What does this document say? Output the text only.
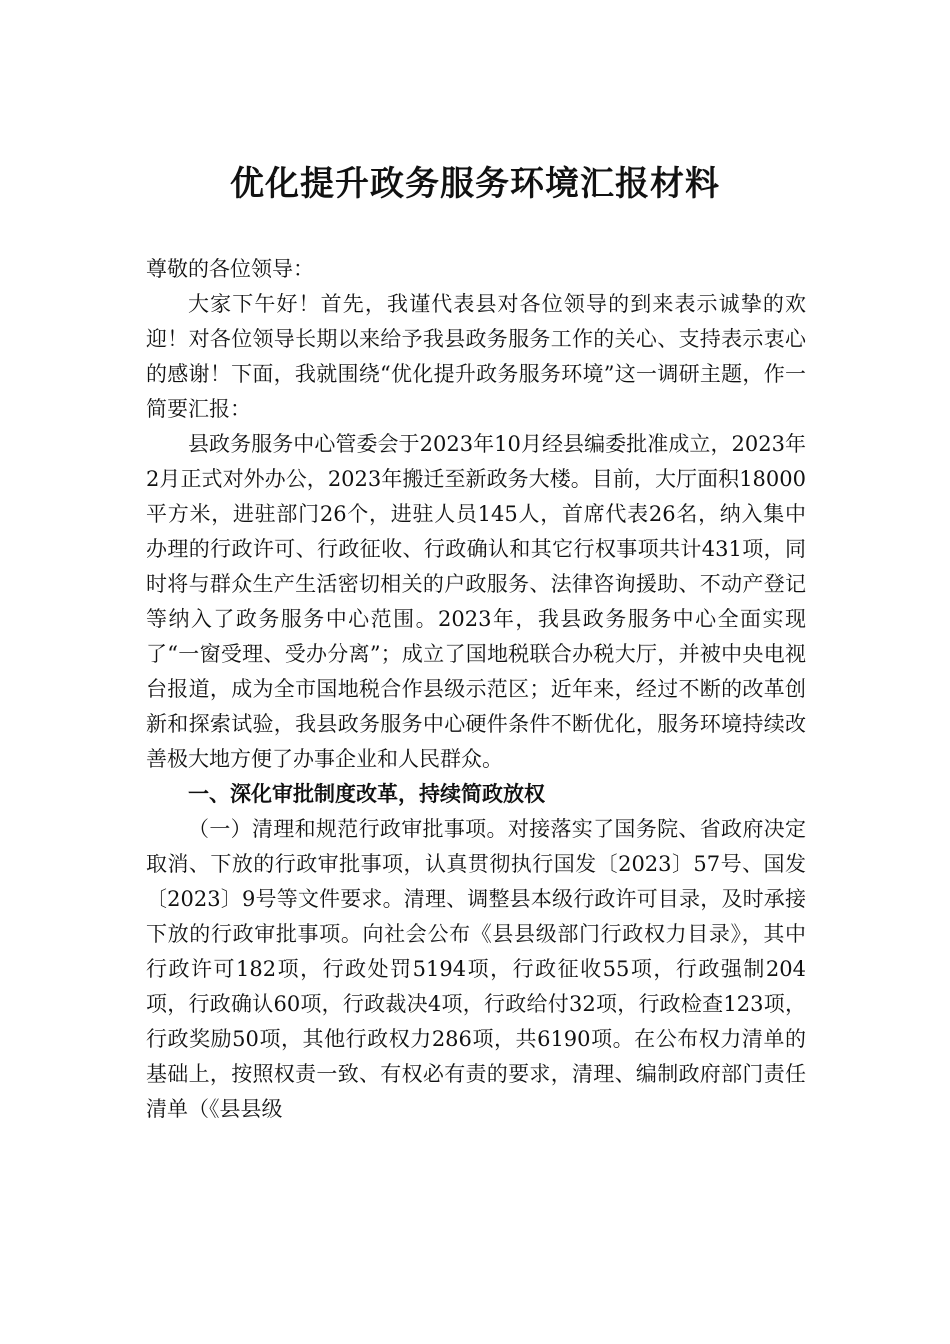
优化提升政务服务环境汇报材料

尊敬的各位领导：

大家下午好！首先，我谨代表县对各位领导的到来表示诚挚的欢迎！对各位领导长期以来给予我县政务服务工作的关心、支持表示衷心的感谢！下面，我就围绕“优化提升政务服务环境”这一调研主题，作一简要汇报：

县政务服务中心管委会于2023年10月经县编委批准成立，2023年2月正式对外办公，2023年搬迁至新政务大楼。目前，大厅面积18000平方米，进驻部门26个，进驻人员145人，首席代表26名，纳入集中办理的行政许可、行政征收、行政确认和其它行权事项共计431项，同时将与群众生产生活密切相关的户政服务、法律咨询援助、不动产登记等纳入了政务服务中心范围。2023年，我县政务服务中心全面实现了“一窗受理、受办分离”；成立了国地税联合办税大厅，并被中央电视台报道，成为全市国地税合作县级示范区；近年来，经过不断的改革创新和探索试验，我县政务服务中心硬件条件不断优化，服务环境持续改善极大地方便了办事企业和人民群众。

一、深化审批制度改革，持续简政放权

（一）清理和规范行政审批事项。对接落实了国务院、省政府决定取消、下放的行政审批事项，认真贯彻执行国发〔2023〕57号、国发〔2023〕9号等文件要求。清理、调整县本级行政许可目录，及时承接下放的行政审批事项。向社会公布《县县级部门行政权力目录》，其中行政许可182项，行政处罚5194项，行政征收55项，行政强制204项，行政确认60项，行政裁决4项，行政给付32项，行政检查123项，行政奖励50项，其他行政权力286项，共6190项。在公布权力清单的基础上，按照权责一致、有权必有责的要求，清理、编制政府部门责任清单（《县县级
